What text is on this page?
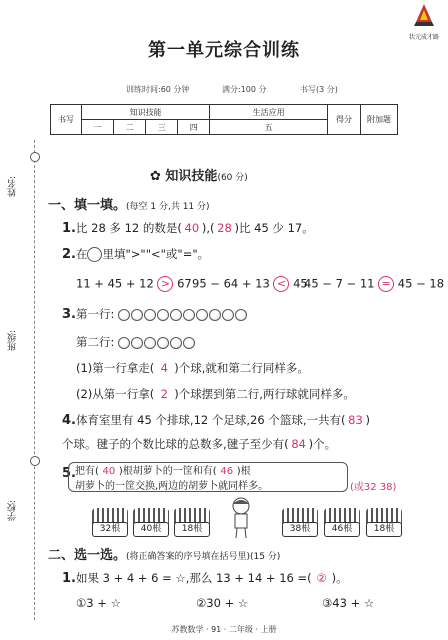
状元成才路
第一单元综合训练
训练时间:60 分钟	满分:100 分	书写(3 分)
书写	知识技能				生活应用	得分	附加题
	一	二	三	四	五		
姓名:
班级:
学校:
✿ 知识技能(60 分)
一、填一填。(每空 1 分,共 11 分)
1.比 28 多 12 的数是( 40 ),( 28 )比 45 少 17。
2.在 里填">""<"或"="。
11 + 45 + 12 > 67 95 − 64 + 13 < 45
45 − 7 − 11 = 45 − 18
3.第一行:
第二行:
(1)第一行拿走( 4 )个球,就和第二行同样多。
(2)从第一行拿( 2 )个球摆到第二行,两行球就同样多。
4.体育室里有 45 个排球,12 个足球,26 个篮球,一共有( 83 )
个球。毽子的个数比球的总数多,毽子至少有( 84 )个。
5. 把有( 40 )根胡萝卜的一筐和有( 46 )根
胡萝卜的一筐交换,两边的胡萝卜就同样多。	(或32 38)
32根	40根	18根	38根	46根	18根
二、选一选。(将正确答案的序号填在括号里)(15 分)
1.如果 3 + 4 + 6 = ☆,那么 13 + 14 + 16 =( ② )。
①3 + ☆	②30 + ☆	③43 + ☆
苏教数学 · 91 · 二年级 · 上册
